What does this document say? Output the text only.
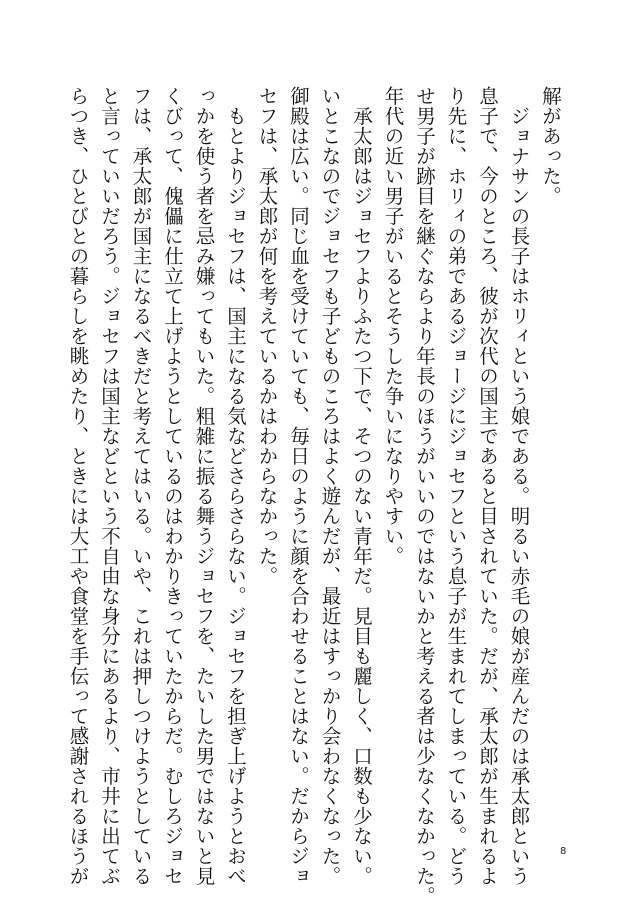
解があった。
　ジョナサンの長子はホリィという娘である。明るい赤毛の娘が産んだのは承太郎という
息子で、今のところ、彼が次代の国主であると目されていた。だが、承太郎が生まれるよ
り先に、ホリィの弟であるジョージにジョセフという息子が生まれてしまっている。どう
せ男子が跡目を継ぐならより年長のほうがいいのではないかと考える者は少なくなかった。
年代の近い男子がいるとそうした争いになりやすい。
　承太郎はジョセフよりふたつ下で、そつのない青年だ。見目も麗しく、口数も少ない。
いとこなのでジョセフも子どものころはよく遊んだが、最近はすっかり会わなくなった。
御殿は広い。同じ血を受けていても、毎日のように顔を合わせることはない。だからジョ
セフは、承太郎が何を考えているかはわからなかった。
　もとよりジョセフは、国主になる気などさらさらない。ジョセフを担ぎ上げようとおべ
っかを使う者を忌み嫌ってもいた。粗雑に振る舞うジョセフを、たいした男ではないと見
くびって、傀儡に仕立て上げようとしているのはわかりきっていたからだ。むしろジョセ
フは、承太郎が国主になるべきだと考えてはいる。いや、これは押しつけようとしている
と言っていいだろう。ジョセフは国主などという不自由な身分にあるより、市井に出てぶ
らつき、ひとびとの暮らしを眺めたり、ときには大工や食堂を手伝って感謝されるほうが	8
